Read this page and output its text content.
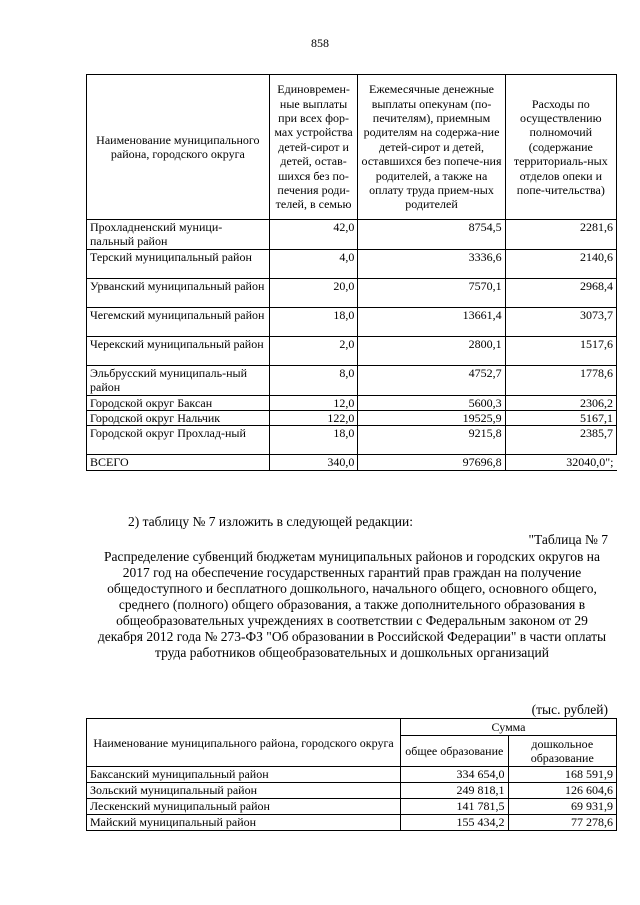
858
Наименование муниципального района, городского округа	Единовремен-ные выплаты при всех фор-мах устройства детей-сирот и детей, остав-шихся без по-печения роди-телей, в семью	Ежемесячные денежные выплаты опекунам (по-печителям), приемным родителям на содержа-ние детей-сирот и детей, оставшихся без попече-ния родителей, а также на оплату труда прием-ных родителей	Расходы по осуществлению полномочий (содержание территориаль-ных отделов опеки и попе-чительства)
Прохладненский муници-пальный район	42,0	8754,5	2281,6
Терский муниципальный район	4,0	3336,6	2140,6
Урванский муниципальный район	20,0	7570,1	2968,4
Чегемский муниципальный район	18,0	13661,4	3073,7
Черекский муниципальный район	2,0	2800,1	1517,6
Эльбрусский муниципаль-ный район	8,0	4752,7	1778,6
Городской округ Баксан	12,0	5600,3	2306,2
Городской округ Нальчик	122,0	19525,9	5167,1
Городской округ Прохлад-ный	18,0	9215,8	2385,7
ВСЕГО	340,0	97696,8	32040,0";
2) таблицу № 7 изложить в следующей редакции:
"Таблица № 7
Распределение субвенций бюджетам муниципальных районов и городских округов на 2017 год на обеспечение государственных гарантий прав граждан на получение общедоступного и бесплатного дошкольного, начального общего, основного общего, среднего (полного) общего образования, а также дополнительного образования в общеобразовательных учреждениях в соответствии с Федеральным законом от 29 декабря 2012 года № 273-ФЗ "Об образовании в Российской Федерации" в части оплаты труда работников общеобразовательных и дошкольных организаций
(тыс. рублей)
Наименование муниципального района, городского округа	Сумма	
	общее образование	дошкольное образование
Баксанский муниципальный район	334 654,0	168 591,9
Зольский муниципальный район	249 818,1	126 604,6
Лескенский муниципальный район	141 781,5	69 931,9
Майский муниципальный район	155 434,2	77 278,6
